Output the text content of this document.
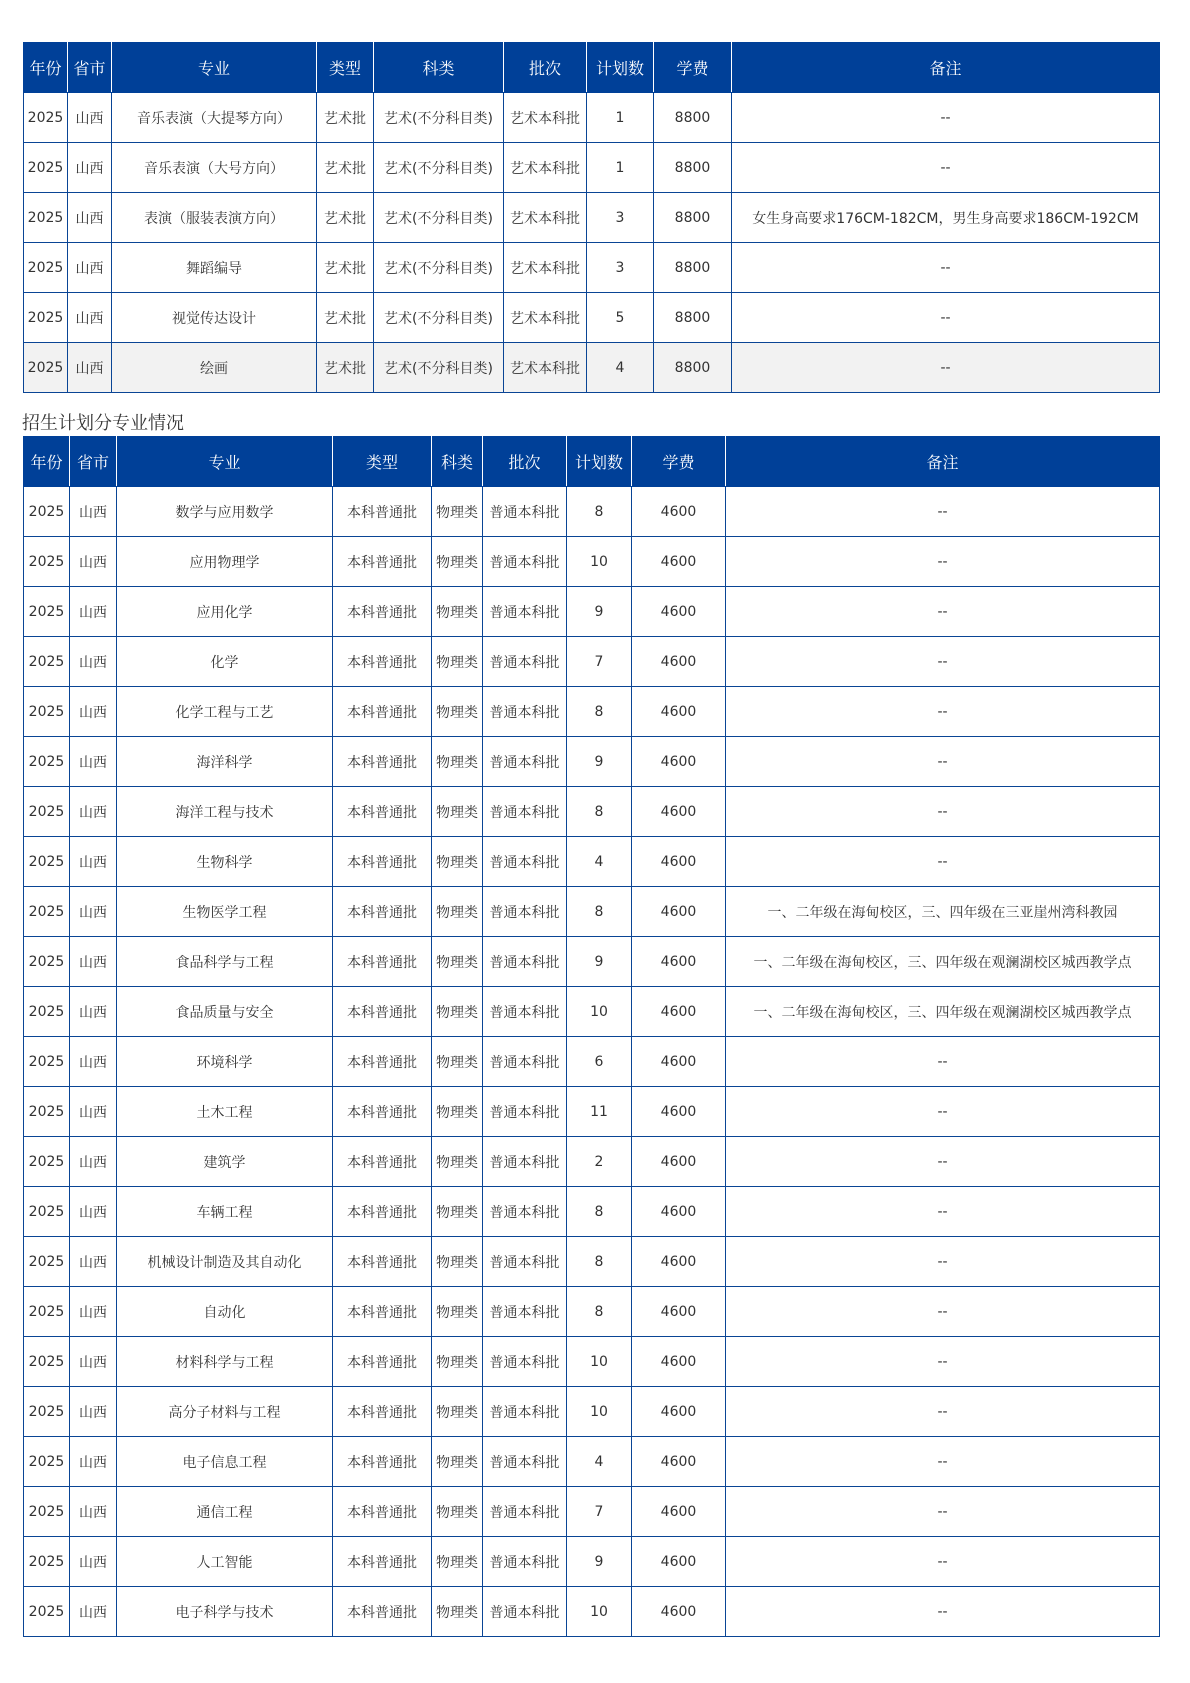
年份	省市	专业	类型	科类	批次	计划数	学费	备注
2025	山西	音乐表演（大提琴方向）	艺术批	艺术(不分科目类)	艺术本科批	1	8800	--
2025	山西	音乐表演（大号方向）	艺术批	艺术(不分科目类)	艺术本科批	1	8800	--
2025	山西	表演（服装表演方向）	艺术批	艺术(不分科目类)	艺术本科批	3	8800	女生身高要求176CM-182CM，男生身高要求186CM-192CM
2025	山西	舞蹈编导	艺术批	艺术(不分科目类)	艺术本科批	3	8800	--
2025	山西	视觉传达设计	艺术批	艺术(不分科目类)	艺术本科批	5	8800	--
2025	山西	绘画	艺术批	艺术(不分科目类)	艺术本科批	4	8800	--
招生计划分专业情况
年份	省市	专业	类型	科类	批次	计划数	学费	备注
2025	山西	数学与应用数学	本科普通批	物理类	普通本科批	8	4600	--
2025	山西	应用物理学	本科普通批	物理类	普通本科批	10	4600	--
2025	山西	应用化学	本科普通批	物理类	普通本科批	9	4600	--
2025	山西	化学	本科普通批	物理类	普通本科批	7	4600	--
2025	山西	化学工程与工艺	本科普通批	物理类	普通本科批	8	4600	--
2025	山西	海洋科学	本科普通批	物理类	普通本科批	9	4600	--
2025	山西	海洋工程与技术	本科普通批	物理类	普通本科批	8	4600	--
2025	山西	生物科学	本科普通批	物理类	普通本科批	4	4600	--
2025	山西	生物医学工程	本科普通批	物理类	普通本科批	8	4600	一、二年级在海甸校区，三、四年级在三亚崖州湾科教园
2025	山西	食品科学与工程	本科普通批	物理类	普通本科批	9	4600	一、二年级在海甸校区，三、四年级在观澜湖校区城西教学点
2025	山西	食品质量与安全	本科普通批	物理类	普通本科批	10	4600	一、二年级在海甸校区，三、四年级在观澜湖校区城西教学点
2025	山西	环境科学	本科普通批	物理类	普通本科批	6	4600	--
2025	山西	土木工程	本科普通批	物理类	普通本科批	11	4600	--
2025	山西	建筑学	本科普通批	物理类	普通本科批	2	4600	--
2025	山西	车辆工程	本科普通批	物理类	普通本科批	8	4600	--
2025	山西	机械设计制造及其自动化	本科普通批	物理类	普通本科批	8	4600	--
2025	山西	自动化	本科普通批	物理类	普通本科批	8	4600	--
2025	山西	材料科学与工程	本科普通批	物理类	普通本科批	10	4600	--
2025	山西	高分子材料与工程	本科普通批	物理类	普通本科批	10	4600	--
2025	山西	电子信息工程	本科普通批	物理类	普通本科批	4	4600	--
2025	山西	通信工程	本科普通批	物理类	普通本科批	7	4600	--
2025	山西	人工智能	本科普通批	物理类	普通本科批	9	4600	--
2025	山西	电子科学与技术	本科普通批	物理类	普通本科批	10	4600	--
